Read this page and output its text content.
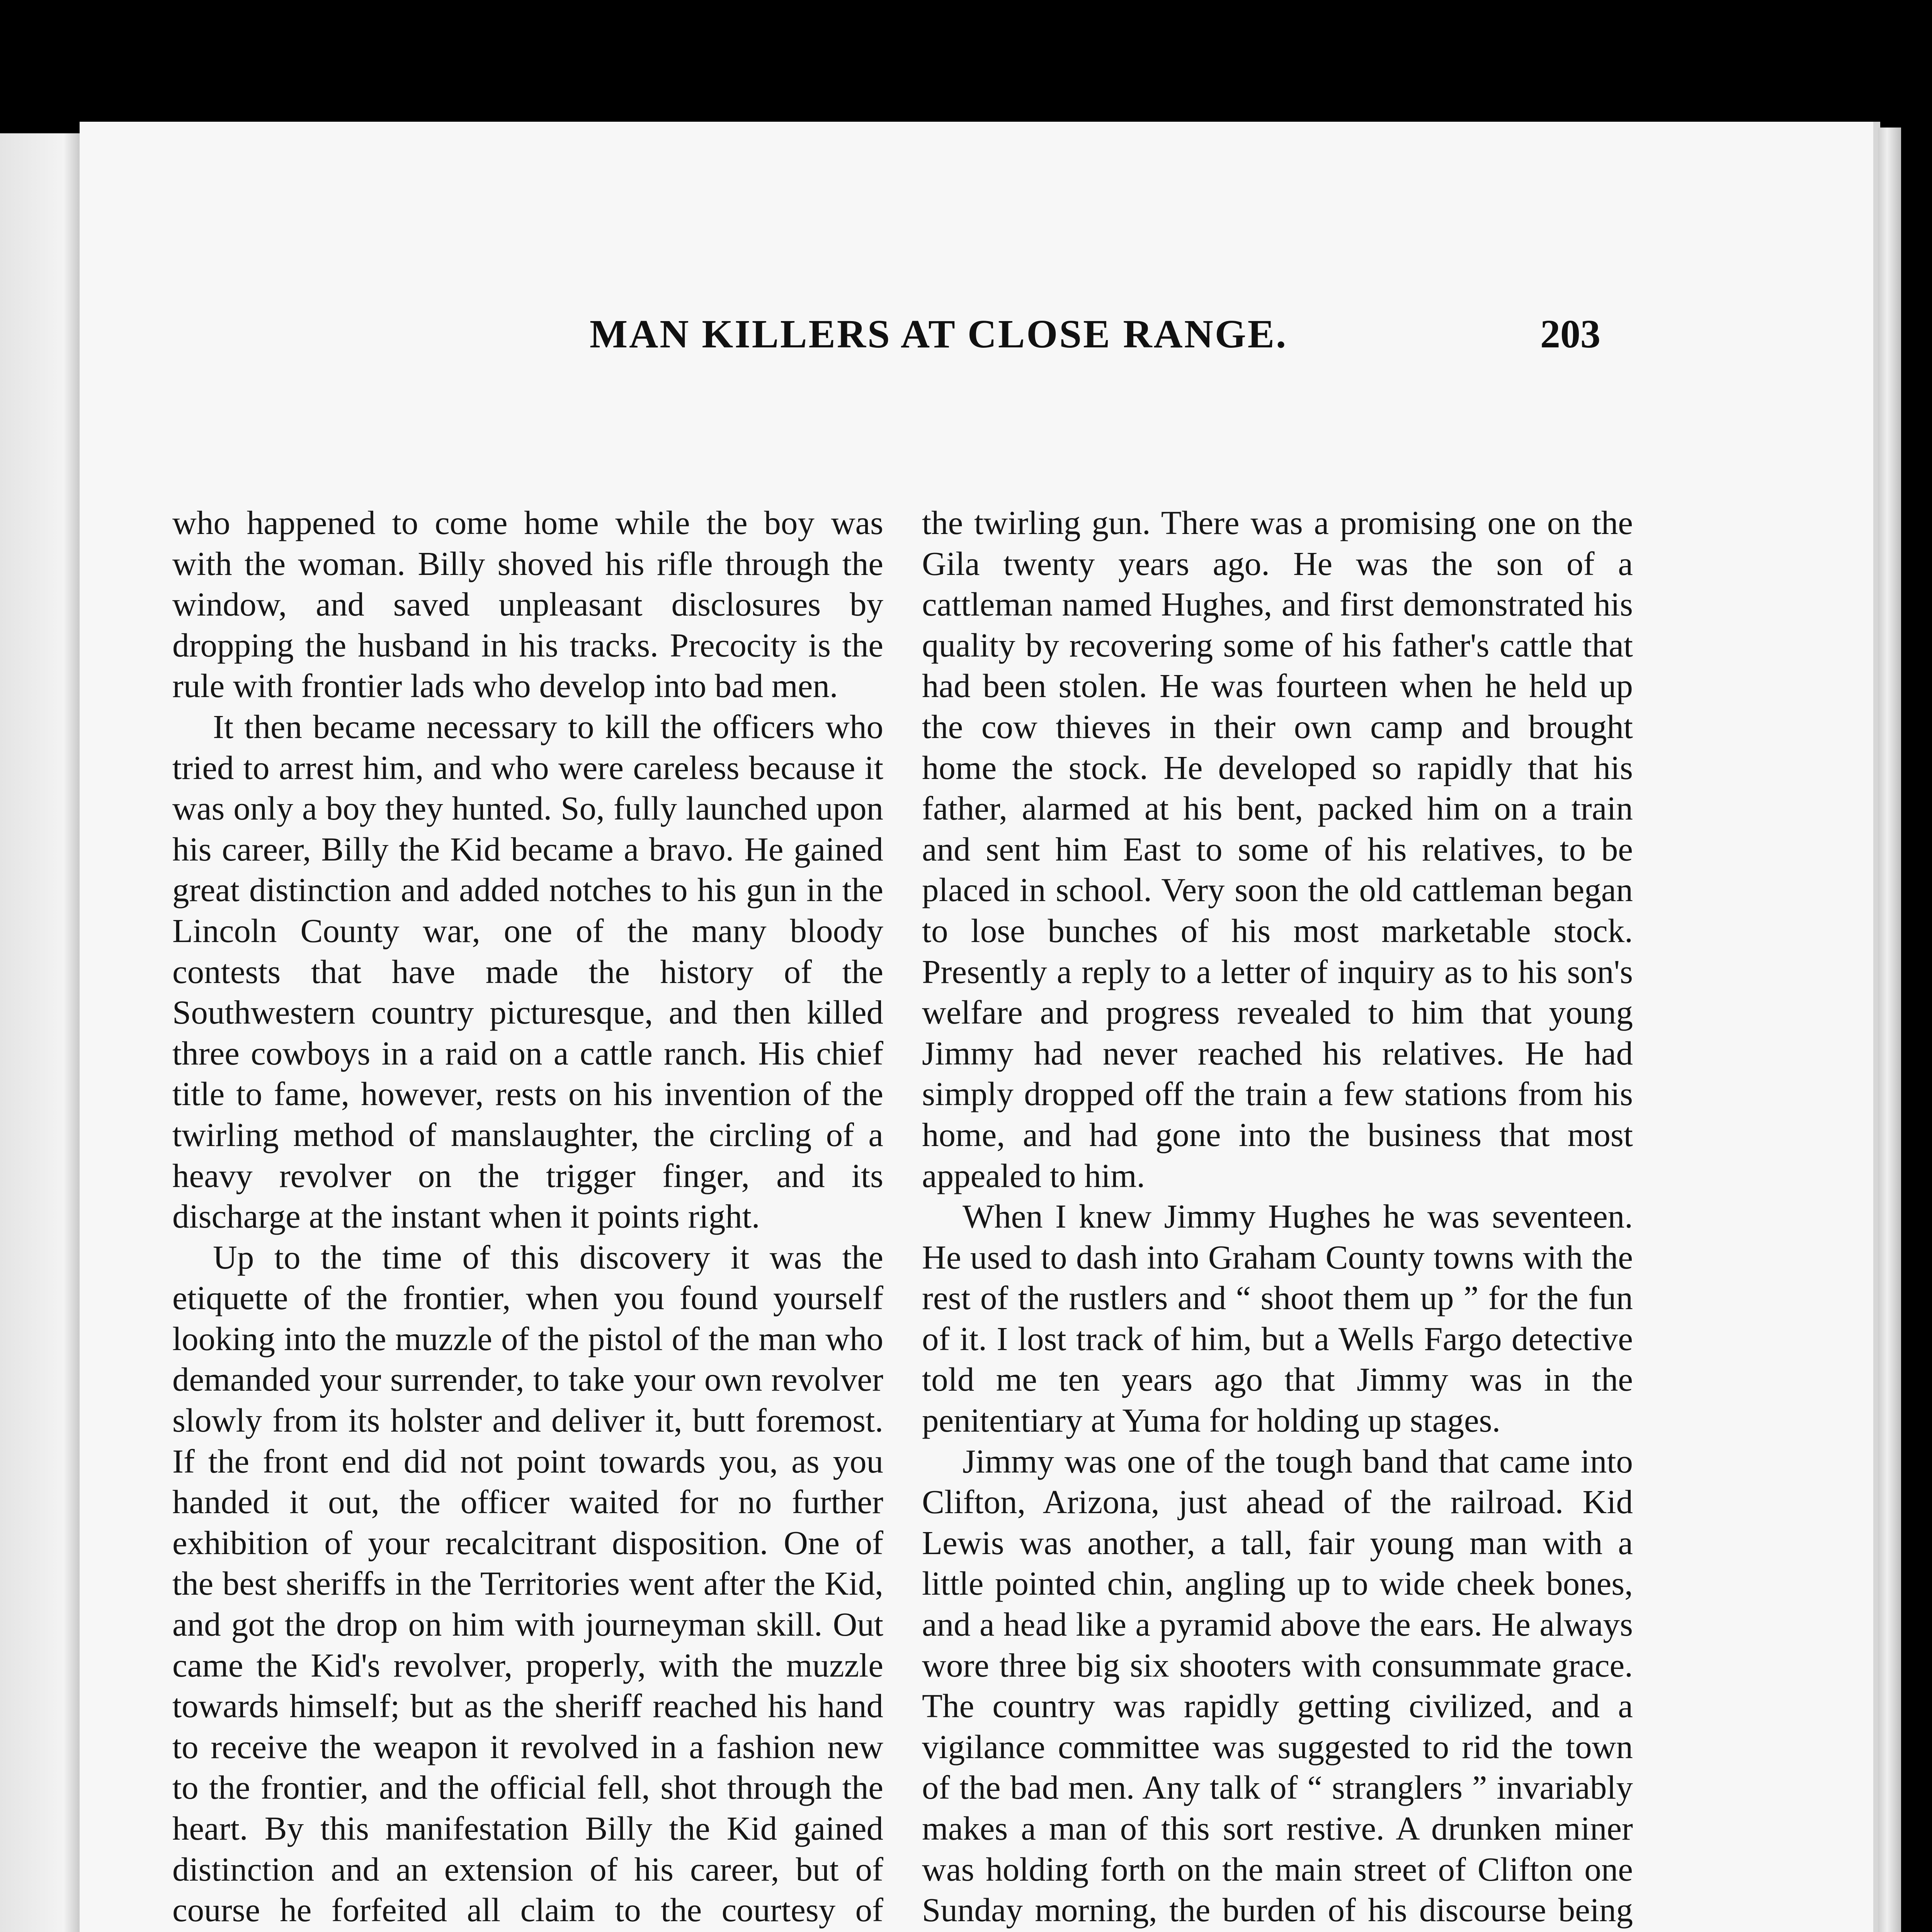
MAN KILLERS AT CLOSE RANGE.	203

who happened to come home while the boy was with the woman. Billy shoved his rifle through the window, and saved unpleasant disclosures by dropping the husband in his tracks. Precocity is the rule with frontier lads who develop into bad men.

It then became necessary to kill the officers who tried to arrest him, and who were careless because it was only a boy they hunted. So, fully launched upon his career, Billy the Kid became a bravo. He gained great distinction and added notches to his gun in the Lincoln County war, one of the many bloody contests that have made the history of the Southwestern country picturesque, and then killed three cowboys in a raid on a cattle ranch. His chief title to fame, however, rests on his invention of the twirling method of manslaughter, the circling of a heavy revolver on the trigger finger, and its discharge at the instant when it points right.

Up to the time of this discovery it was the etiquette of the frontier, when you found yourself looking into the muzzle of the pistol of the man who demanded your surrender, to take your own revolver slowly from its holster and deliver it, butt foremost. If the front end did not point towards you, as you handed it out, the officer waited for no further exhibition of your recalcitrant disposition. One of the best sheriffs in the Territories went after the Kid, and got the drop on him with journeyman skill. Out came the Kid's revolver, properly, with the muzzle towards himself; but as the sheriff reached his hand to receive the weapon it revolved in a fashion new to the frontier, and the official fell, shot through the heart. By this manifestation Billy the Kid gained distinction and an extension of his career, but of course he forfeited all claim to the courtesy of

the twirling gun. There was a promising one on the Gila twenty years ago. He was the son of a cattleman named Hughes, and first demonstrated his quality by recovering some of his father's cattle that had been stolen. He was fourteen when he held up the cow thieves in their own camp and brought home the stock. He developed so rapidly that his father, alarmed at his bent, packed him on a train and sent him East to some of his relatives, to be placed in school. Very soon the old cattleman began to lose bunches of his most marketable stock. Presently a reply to a letter of inquiry as to his son's welfare and progress revealed to him that young Jimmy had never reached his relatives. He had simply dropped off the train a few stations from his home, and had gone into the business that most appealed to him.

When I knew Jimmy Hughes he was seventeen. He used to dash into Graham County towns with the rest of the rustlers and “ shoot them up ” for the fun of it. I lost track of him, but a Wells Fargo detective told me ten years ago that Jimmy was in the penitentiary at Yuma for holding up stages.

Jimmy was one of the tough band that came into Clifton, Arizona, just ahead of the railroad. Kid Lewis was another, a tall, fair young man with a little pointed chin, angling up to wide cheek bones, and a head like a pyramid above the ears. He always wore three big six shooters with consummate grace. The country was rapidly getting civilized, and a vigilance committee was suggested to rid the town of the bad men. Any talk of “ stranglers ” invariably makes a man of this sort restive. A drunken miner was holding forth on the main street of Clifton one Sunday morning, the burden of his discourse being
